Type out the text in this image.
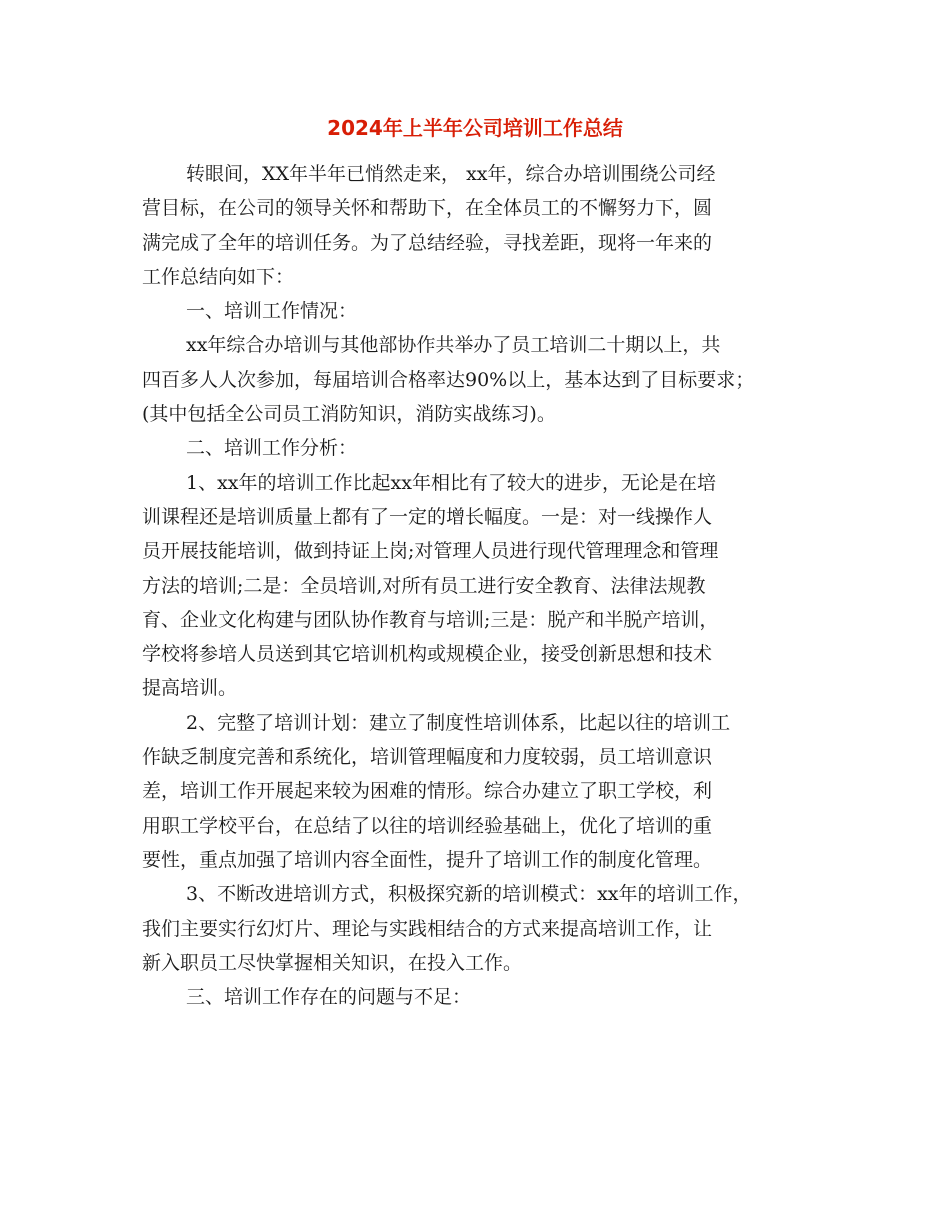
2024年上半年公司培训工作总结
转眼间，XX年半年已悄然走来， xx年，综合办培训围绕公司经
营目标，在公司的领导关怀和帮助下，在全体员工的不懈努力下，圆
满完成了全年的培训任务。为了总结经验，寻找差距，现将一年来的
工作总结向如下：
一、培训工作情况：
xx年综合办培训与其他部协作共举办了员工培训二十期以上，共
四百多人人次参加，每届培训合格率达90%以上，基本达到了目标要求；
(其中包括全公司员工消防知识，消防实战练习)。
二、培训工作分析：
1、xx年的培训工作比起xx年相比有了较大的进步，无论是在培
训课程还是培训质量上都有了一定的增长幅度。一是：对一线操作人
员开展技能培训，做到持证上岗;对管理人员进行现代管理理念和管理
方法的培训;二是：全员培训,对所有员工进行安全教育、法律法规教
育、企业文化构建与团队协作教育与培训;三是：脱产和半脱产培训，
学校将参培人员送到其它培训机构或规模企业，接受创新思想和技术
提高培训。
2、完整了培训计划：建立了制度性培训体系，比起以往的培训工
作缺乏制度完善和系统化，培训管理幅度和力度较弱，员工培训意识
差，培训工作开展起来较为困难的情形。综合办建立了职工学校，利
用职工学校平台，在总结了以往的培训经验基础上，优化了培训的重
要性，重点加强了培训内容全面性，提升了培训工作的制度化管理。
3、不断改进培训方式，积极探究新的培训模式：xx年的培训工作，
我们主要实行幻灯片、理论与实践相结合的方式来提高培训工作，让
新入职员工尽快掌握相关知识，在投入工作。
三、培训工作存在的问题与不足：
